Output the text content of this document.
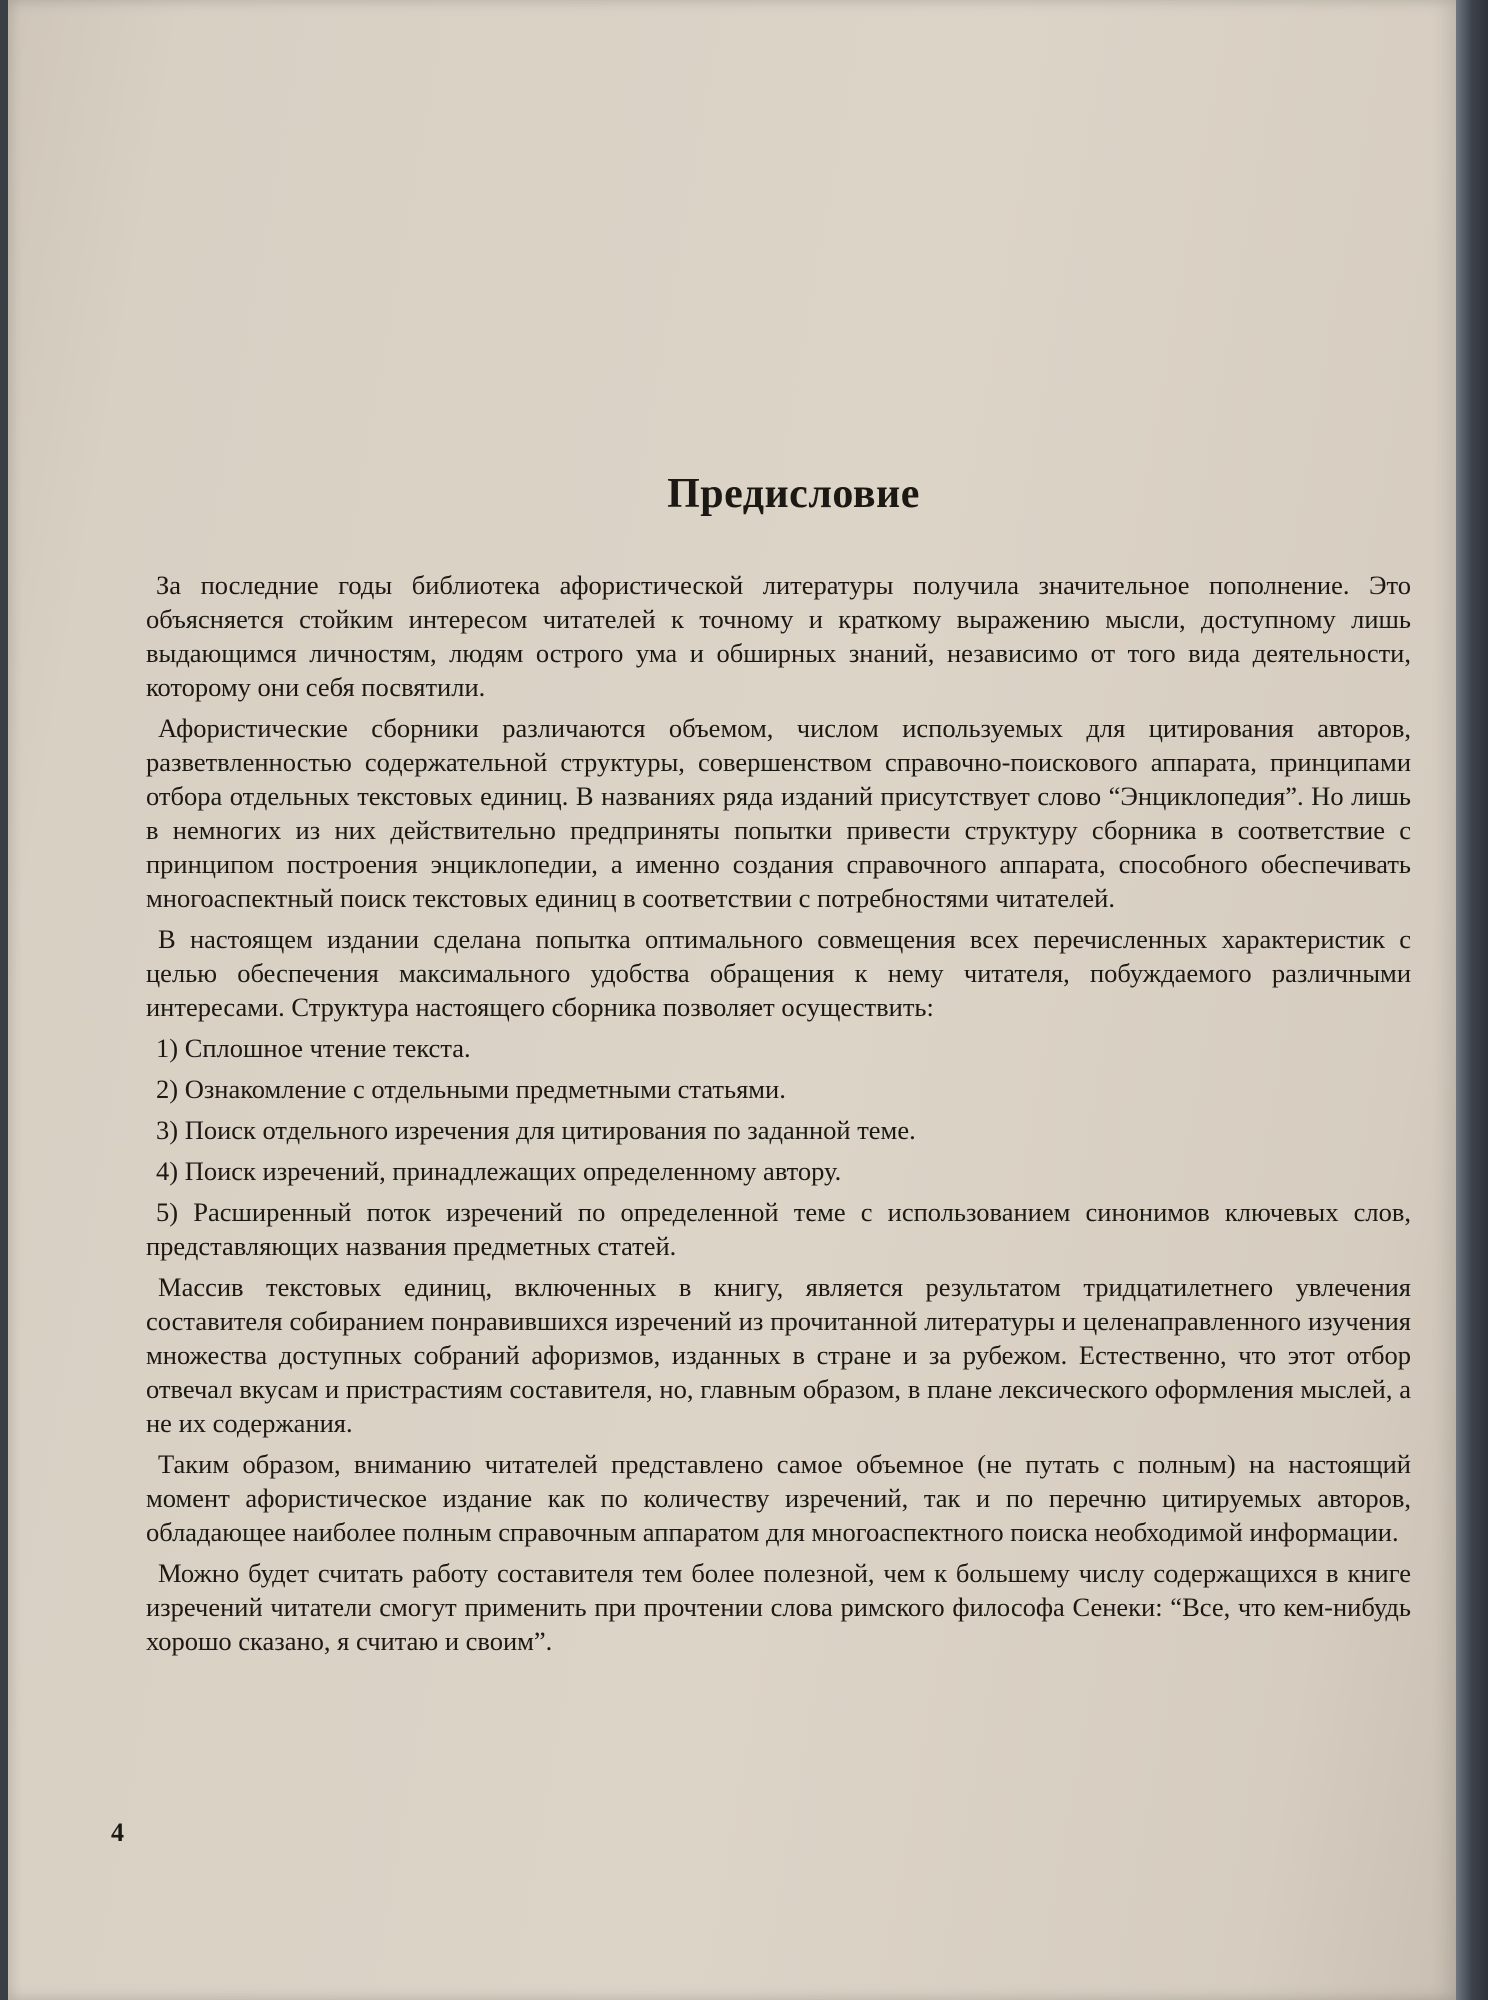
Предисловие

За последние годы библиотека афористической литературы получила значительное пополнение. Это объясняется стойким интересом читателей к точному и краткому выражению мысли, доступному лишь выдающимся личностям, людям острого ума и обширных знаний, независимо от того вида деятельности, которому они себя посвятили.

Афористические сборники различаются объемом, числом используемых для цитирования авторов, разветвленностью содержательной структуры, совершенством справочно-поискового аппарата, принципами отбора отдельных текстовых единиц. В названиях ряда изданий присутствует слово “Энциклопедия”. Но лишь в немногих из них действительно предприняты попытки привести структуру сборника в соответствие с принципом построения энциклопедии, а именно создания справочного аппарата, способного обеспечивать многоаспектный поиск текстовых единиц в соответствии с потребностями читателей.

В настоящем издании сделана попытка оптимального совмещения всех перечисленных характеристик с целью обеспечения максимального удобства обращения к нему читателя, побуждаемого различными интересами. Структура настоящего сборника позволяет осуществить:

1) Сплошное чтение текста.

2) Ознакомление с отдельными предметными статьями.

3) Поиск отдельного изречения для цитирования по заданной теме.

4) Поиск изречений, принадлежащих определенному автору.

5) Расширенный поток изречений по определенной теме с использованием синонимов ключевых слов, представляющих названия предметных статей.

Массив текстовых единиц, включенных в книгу, является результатом тридцатилетнего увлечения составителя собиранием понравившихся изречений из прочитанной литературы и целенаправленного изучения множества доступных собраний афоризмов, изданных в стране и за рубежом. Естественно, что этот отбор отвечал вкусам и пристрастиям составителя, но, главным образом, в плане лексического оформления мыслей, а не их содержания.

Таким образом, вниманию читателей представлено самое объемное (не путать с полным) на настоящий момент афористическое издание как по количеству изречений, так и по перечню цитируемых авторов, обладающее наиболее полным справочным аппаратом для многоаспектного поиска необходимой информации.

Можно будет считать работу составителя тем более полезной, чем к большему числу содержащихся в книге изречений читатели смогут применить при прочтении слова римского философа Сенеки: “Все, что кем-нибудь хорошо сказано, я считаю и своим”.

4
